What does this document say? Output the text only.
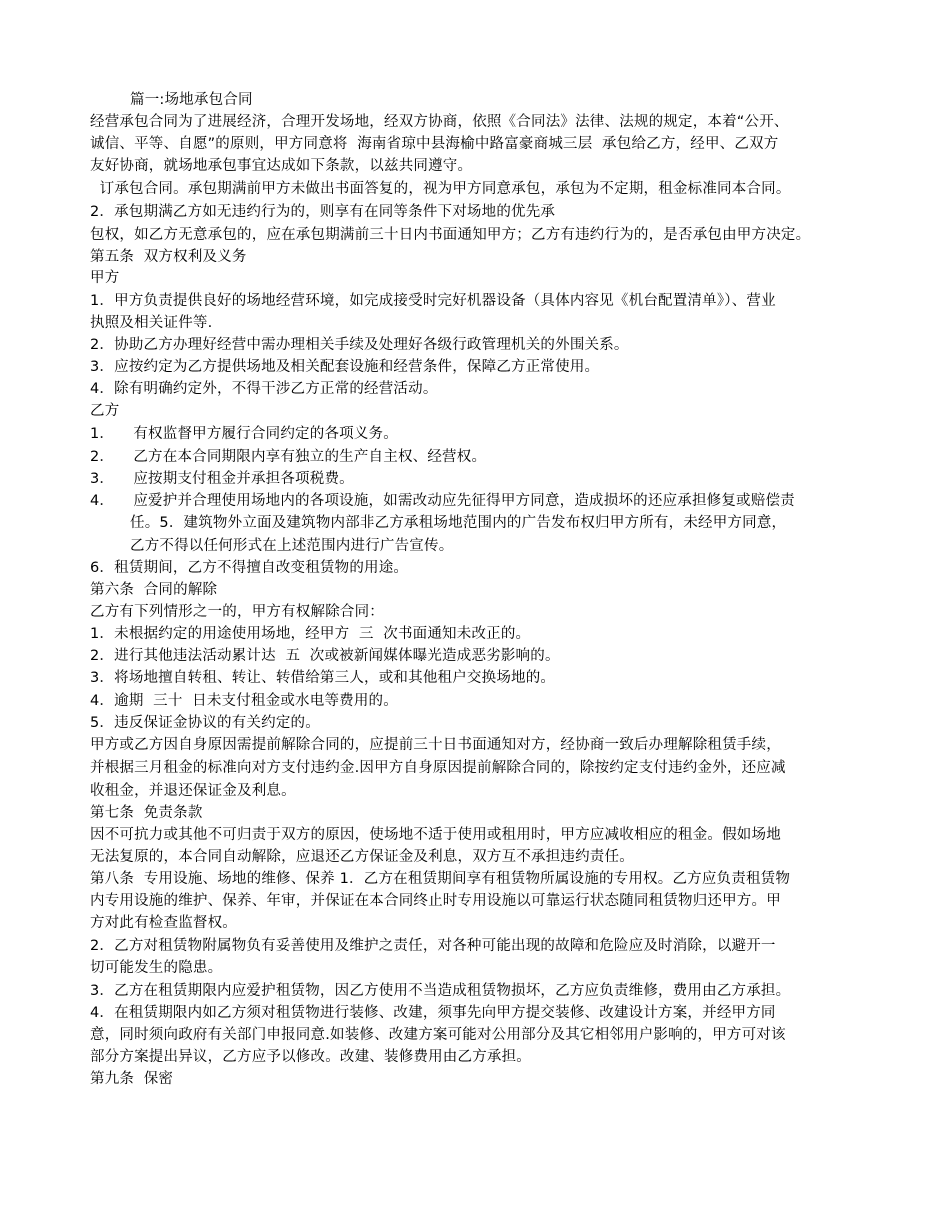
篇一:场地承包合同
经营承包合同为了进展经济，合理开发场地，经双方协商，依照《合同法》法律、法规的规定，本着“公开、
诚信、平等、自愿”的原则，甲方同意将  海南省琼中县海榆中路富豪商城三层  承包给乙方，经甲、乙双方
友好协商，就场地承包事宜达成如下条款，以兹共同遵守。
订承包合同。承包期满前甲方未做出书面答复的，视为甲方同意承包，承包为不定期，租金标准同本合同。
2．承包期满乙方如无违约行为的，则享有在同等条件下对场地的优先承
包权，如乙方无意承包的，应在承包期满前三十日内书面通知甲方；乙方有违约行为的，是否承包由甲方决定。
第五条  双方权利及义务
甲方
1．甲方负责提供良好的场地经营环境，如完成接受时完好机器设备（具体内容见《机台配置清单》）、营业
执照及相关证件等.
2．协助乙方办理好经营中需办理相关手续及处理好各级行政管理机关的外围关系。
3．应按约定为乙方提供场地及相关配套设施和经营条件，保障乙方正常使用。
4．除有明确约定外，不得干涉乙方正常的经营活动。
乙方
1．    有权监督甲方履行合同约定的各项义务。
2．    乙方在本合同期限内享有独立的生产自主权、经营权。
3．    应按期支付租金并承担各项税费。
4．    应爱护并合理使用场地内的各项设施，如需改动应先征得甲方同意，造成损坏的还应承担修复或赔偿责
任。5．建筑物外立面及建筑物内部非乙方承租场地范围内的广告发布权归甲方所有，未经甲方同意，
乙方不得以任何形式在上述范围内进行广告宣传。
6．租赁期间，乙方不得擅自改变租赁物的用途。
第六条  合同的解除
乙方有下列情形之一的，甲方有权解除合同：
1．未根据约定的用途使用场地，经甲方  三  次书面通知未改正的。
2．进行其他违法活动累计达  五  次或被新闻媒体曝光造成恶劣影响的。
3．将场地擅自转租、转让、转借给第三人，或和其他租户交换场地的。
4．逾期  三十  日未支付租金或水电等费用的。
5．违反保证金协议的有关约定的。
甲方或乙方因自身原因需提前解除合同的，应提前三十日书面通知对方，经协商一致后办理解除租赁手续，
并根据三月租金的标准向对方支付违约金.因甲方自身原因提前解除合同的，除按约定支付违约金外，还应减
收租金，并退还保证金及利息。
第七条  免责条款
因不可抗力或其他不可归责于双方的原因，使场地不适于使用或租用时，甲方应减收相应的租金。假如场地
无法复原的，本合同自动解除，应退还乙方保证金及利息，双方互不承担违约责任。
第八条  专用设施、场地的维修、保养 1．乙方在租赁期间享有租赁物所属设施的专用权。乙方应负责租赁物
内专用设施的维护、保养、年审，并保证在本合同终止时专用设施以可靠运行状态随同租赁物归还甲方。甲
方对此有检查监督权。
2．乙方对租赁物附属物负有妥善使用及维护之责任，对各种可能出现的故障和危险应及时消除，以避开一
切可能发生的隐患。
3．乙方在租赁期限内应爱护租赁物，因乙方使用不当造成租赁物损坏，乙方应负责维修，费用由乙方承担。
4．在租赁期限内如乙方须对租赁物进行装修、改建，须事先向甲方提交装修、改建设计方案，并经甲方同
意，同时须向政府有关部门申报同意.如装修、改建方案可能对公用部分及其它相邻用户影响的，甲方可对该
部分方案提出异议，乙方应予以修改。改建、装修费用由乙方承担。
第九条  保密
